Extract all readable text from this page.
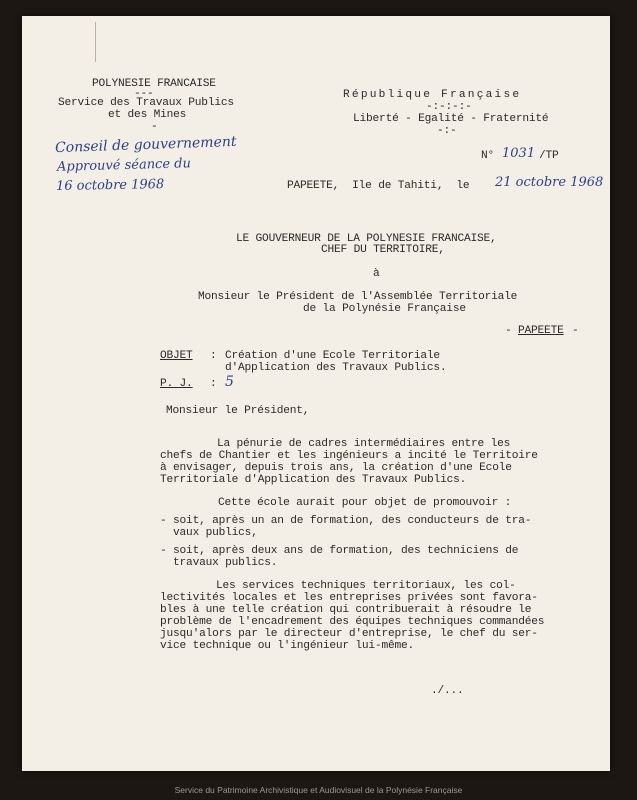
POLYNESIE FRANCAISE
---
Service des Travaux Publics
et des Mines
-
République Française
-:-:-:-
Liberté - Egalité - Fraternité
-:-
Conseil de gouvernement
Approuvé séance du
16 octobre 1968
N° 1031 /TP
PAPEETE,  Ile de Tahiti,  le 21 octobre 1968
LE GOUVERNEUR DE LA POLYNESIE FRANCAISE,
CHEF DU TERRITOIRE,
à
Monsieur le Président de l'Assemblée Territoriale
de la Polynésie Française
- PAPEETE -
OBJET : Création d'une Ecole Territoriale
d'Application des Travaux Publics.
P. J. : 5
Monsieur le Président,
La pénurie de cadres intermédiaires entre les
chefs de Chantier et les ingénieurs a incité le Territoire
à envisager, depuis trois ans, la création d'une Ecole
Territoriale d'Application des Travaux Publics.
Cette école aurait pour objet de promouvoir :
- soit, après un an de formation, des conducteurs de tra-
vaux publics,
- soit, après deux ans de formation, des techniciens de
travaux publics.
Les services techniques territoriaux, les col-
lectivités locales et les entreprises privées sont favora-
bles à une telle création qui contribuerait à résoudre le
problème de l'encadrement des équipes techniques commandées
jusqu'alors par le directeur d'entreprise, le chef du ser-
vice technique ou l'ingénieur lui-même.
./...
Service du Patrimoine Archivistique et Audiovisuel de la Polynésie Française
